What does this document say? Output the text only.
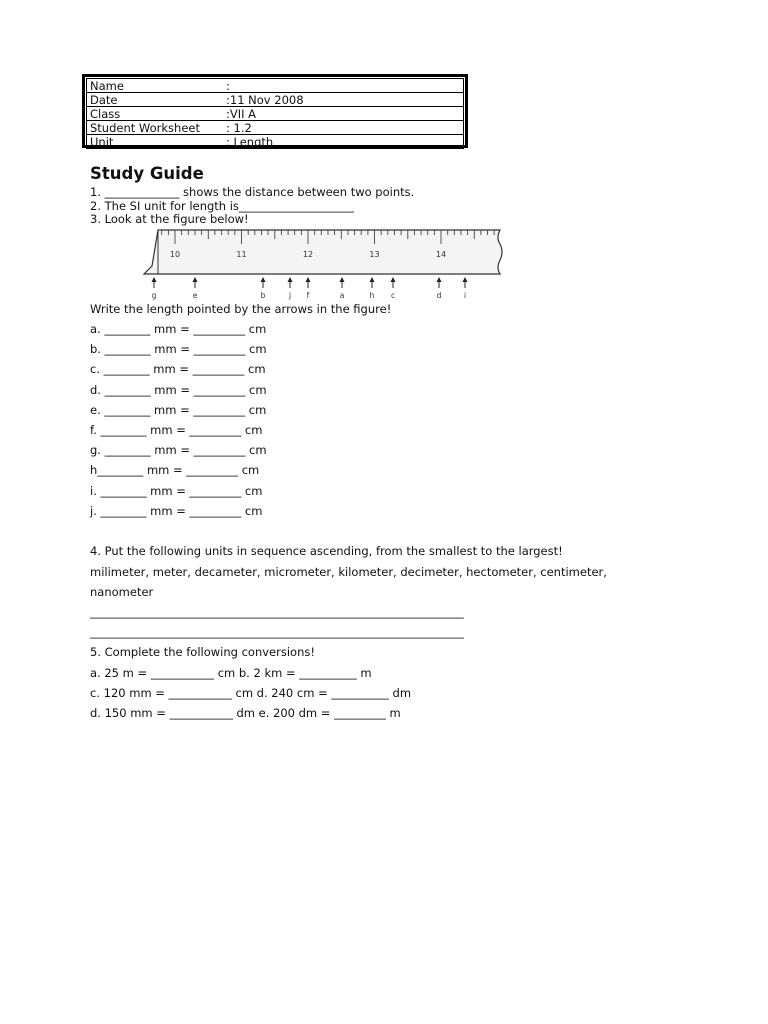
Name	:
Date	:11 Nov 2008
Class	:VII A
Student Worksheet	: 1.2
Unit	: Length
Study Guide
1. _____________ shows the distance between two points.
2. The SI unit for length is____________________
3. Look at the figure below!
10	11	12	13	14
g	e	b	j f	a	h c	d	i
Write the length pointed by the arrows in the figure!
a. ________ mm = _________ cm
b. ________ mm = _________ cm
c. ________ mm = _________ cm
d. ________ mm = _________ cm
e. ________ mm = _________ cm
f. ________ mm = _________ cm
g. ________ mm = _________ cm
h________ mm = _________ cm
i. ________ mm = _________ cm
j. ________ mm = _________ cm
4. Put the following units in sequence ascending, from the smallest to the largest!
milimeter, meter, decameter, micrometer, kilometer, decimeter, hectometer, centimeter,
nanometer
_________________________________________________________________
_________________________________________________________________
5. Complete the following conversions!
a. 25 m = ___________ cm b. 2 km = __________ m
c. 120 mm = ___________ cm d. 240 cm = __________ dm
d. 150 mm = ___________ dm e. 200 dm = _________ m
